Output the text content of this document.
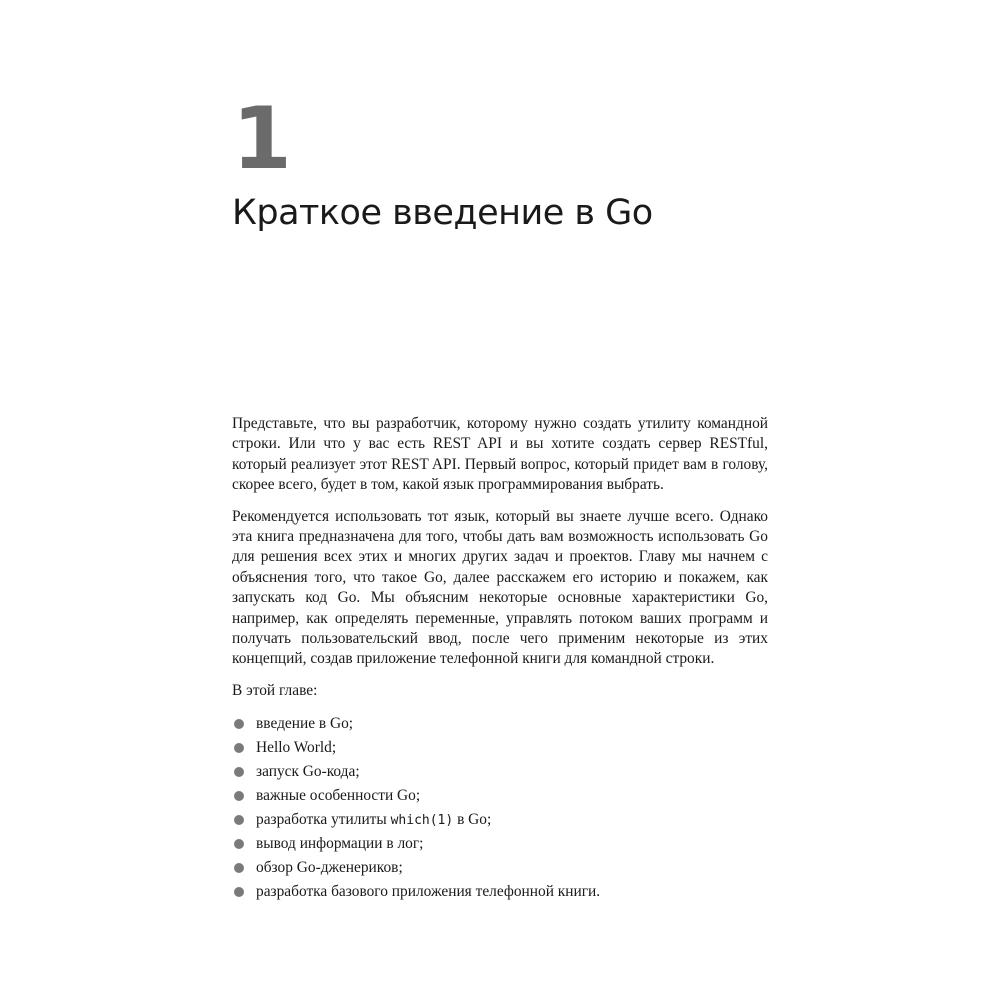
1
Краткое введение в Go

Представьте, что вы разработчик, которому нужно создать утилиту командной строки. Или что у вас есть REST API и вы хотите создать сервер RESTful, который реализует этот REST API. Первый вопрос, который придет вам в голову, скорее всего, будет в том, какой язык программирования выбрать.

Рекомендуется использовать тот язык, который вы знаете лучше всего. Однако эта книга предназначена для того, чтобы дать вам возможность использовать Go для решения всех этих и многих других задач и проектов. Главу мы начнем с объяснения того, что такое Go, далее расскажем его историю и покажем, как запускать код Go. Мы объясним некоторые основные характеристики Go, например, как определять переменные, управлять потоком ваших программ и получать пользовательский ввод, после чего применим некоторые из этих концепций, создав приложение телефонной книги для командной строки.

В этой главе:

введение в Go;
Hello World;
запуск Go-кода;
важные особенности Go;
разработка утилиты which(1) в Go;
вывод информации в лог;
обзор Go-дженериков;
разработка базового приложения телефонной книги.
